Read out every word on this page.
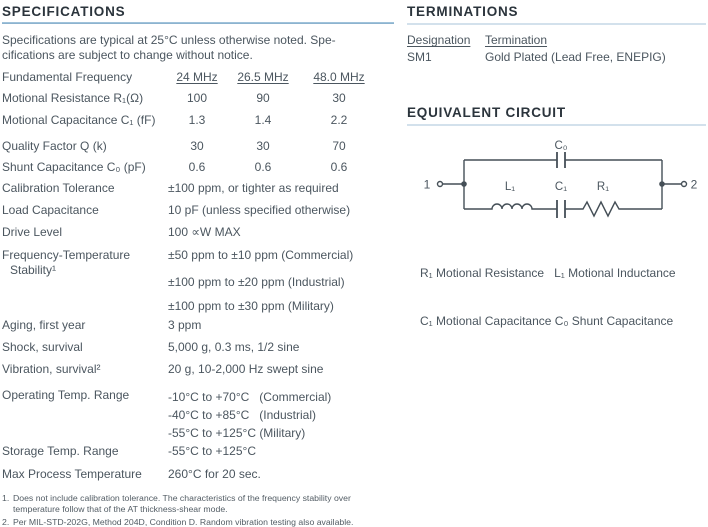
SPECIFICATIONS
Specifications are typical at 25°C unless otherwise noted. Spe-
cifications are subject to change without notice.
Fundamental Frequency	24 MHz	26.5 MHz	48.0 MHz
Motional Resistance R₁(Ω)	100	90	30
Motional Capacitance C₁ (fF)	1.3	1.4	2.2
Quality Factor Q (k)	30	30	70
Shunt Capacitance C₀ (pF)	0.6	0.6	0.6
Calibration Tolerance	±100 ppm, or tighter as required
Load Capacitance	10 pF (unless specified otherwise)
Drive Level	100 ∝W MAX
Frequency-Temperature
Stability¹
±50 ppm to ±10 ppm (Commercial)
±100 ppm to ±20 ppm (Industrial)
±100 ppm to ±30 ppm (Military)
Aging, first year	3 ppm
Shock, survival	5,000 g, 0.3 ms, 1/2 sine
Vibration, survival²	20 g, 10-2,000 Hz swept sine
Operating Temp. Range	-10°C to +70°C   (Commercial)
-40°C to +85°C   (Industrial)
-55°C to +125°C (Military)
Storage Temp. Range	-55°C to +125°C
Max Process Temperature	260°C for 20 sec.
1. Does not include calibration tolerance. The characteristics of the frequency stability over
temperature follow that of the AT thickness-shear mode.
2. Per MIL-STD-202G, Method 204D, Condition D. Random vibration testing also available.
TERMINATIONS
Designation	Termination
SM1	Gold Plated (Lead Free, ENEPIG)
EQUIVALENT CIRCUIT
1	2
C₀
L₁	C₁	R₁

R₁ Motional Resistance   L₁ Motional Inductance

C₁ Motional Capacitance C₀ Shunt Capacitance
